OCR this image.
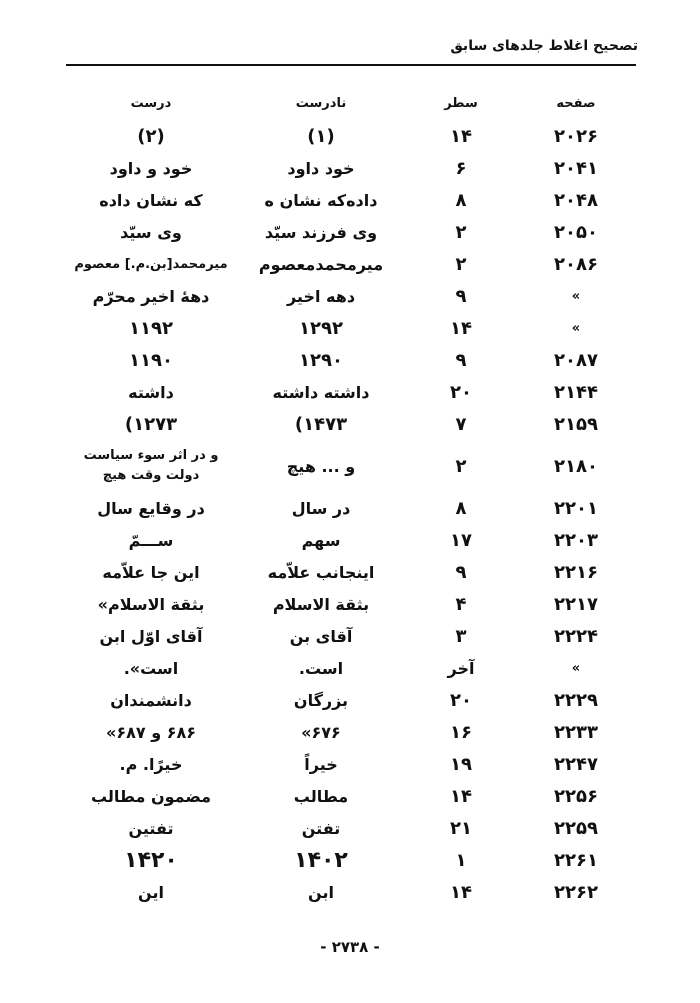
تصحیح اغلاط جلدهای سابق
صفحه	سطر	نادرست	درست
۲۰۲۶	۱۴	(۱)	(۲)
۲۰۴۱	۶	خود داود	خود و داود
۲۰۴۸	۸	داده‌که نشان ه	که نشان داده
۲۰۵۰	۲	وی فرزند سیّد	وی سیّد
۲۰۸۶	۲	میرمحمدمعصوم	میرمحمد[بن.م.] معصوم
»	۹	دهه اخیر	دههٔ اخیر محرّم
»	۱۴	۱۲۹۲	۱۱۹۲
۲۰۸۷	۹	۱۲۹۰	۱۱۹۰
۲۱۴۴	۲۰	داشته داشته	داشته
۲۱۵۹	۷	۱۴۷۳)	۱۲۷۳)
۲۱۸۰	۲	و ... هیچ	و در اثر سوء سیاست دولت وقت هیچ
۲۲۰۱	۸	در سال	در وقایع سال
۲۲۰۳	۱۷	سهم	ســـمّ
۲۲۱۶	۹	اینجانب علاّمه	این جا علاّمه
۲۲۱۷	۴	بثقة الاسلام	بثقة الاسلام»
۲۲۲۴	۳	آقای بن	آقای اوّل ابن
»	آخر	است.	است».
۲۲۲۹	۲۰	بزرگان	دانشمندان
۲۲۳۳	۱۶	۶۷۶»	۶۸۶ و ۶۸۷»
۲۲۴۷	۱۹	خیراً	خیرًا. م.
۲۲۵۶	۱۴	مطالب	مضمون مطالب
۲۲۵۹	۲۱	تفتن	تفتین
۲۲۶۱	۱	۱۴۰۲	۱۴۲۰
۲۲۶۲	۱۴	ابن	این
- ۲۷۳۸ -
